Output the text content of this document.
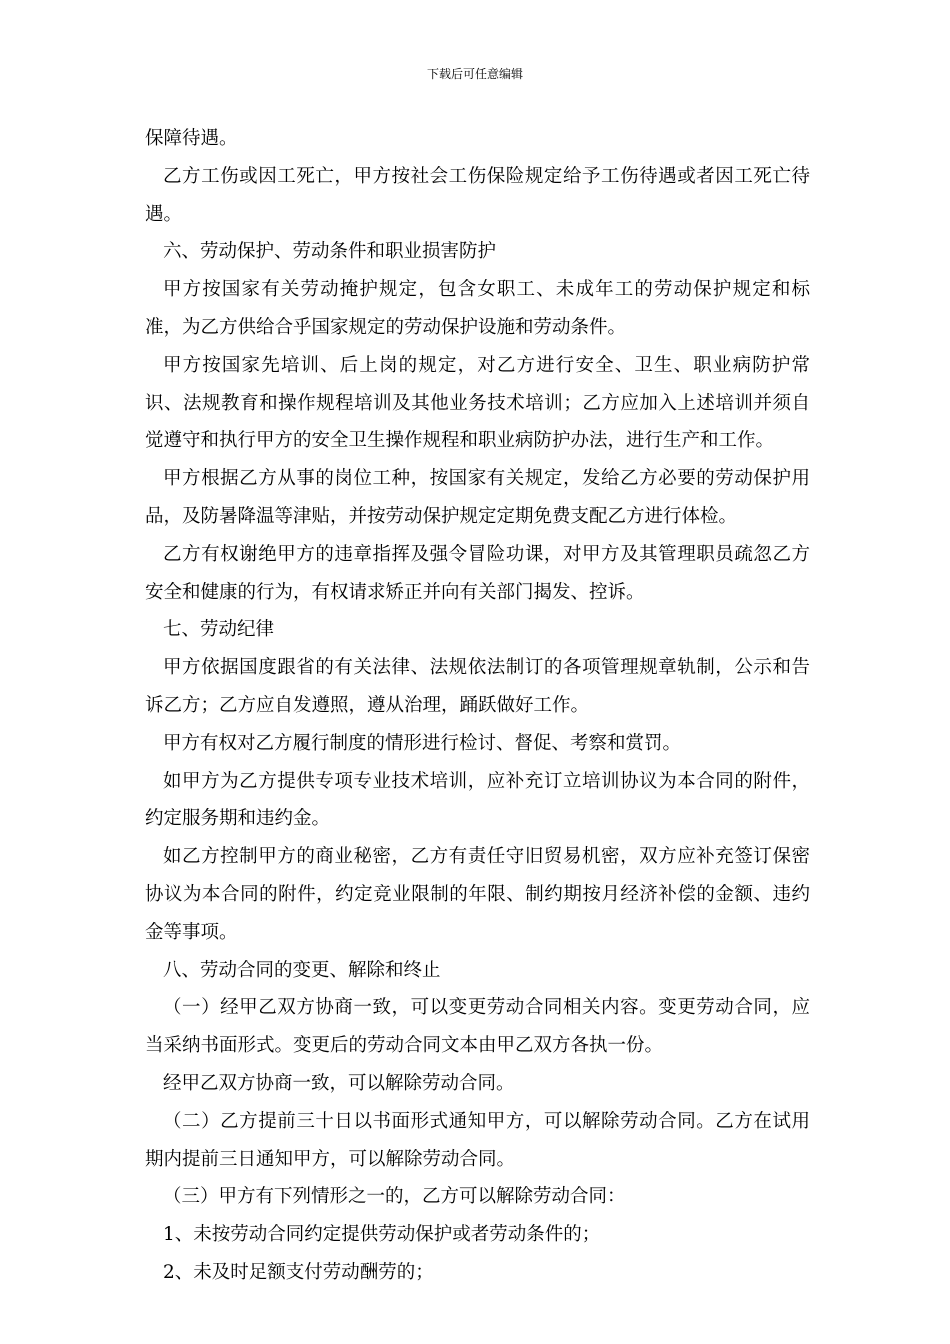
下载后可任意编辑

保障待遇。

乙方工伤或因工死亡，甲方按社会工伤保险规定给予工伤待遇或者因工死亡待遇。

六、劳动保护、劳动条件和职业损害防护

甲方按国家有关劳动掩护规定，包含女职工、未成年工的劳动保护规定和标准，为乙方供给合乎国家规定的劳动保护设施和劳动条件。

甲方按国家先培训、后上岗的规定，对乙方进行安全、卫生、职业病防护常识、法规教育和操作规程培训及其他业务技术培训；乙方应加入上述培训并须自觉遵守和执行甲方的安全卫生操作规程和职业病防护办法，进行生产和工作。

甲方根据乙方从事的岗位工种，按国家有关规定，发给乙方必要的劳动保护用品，及防暑降温等津贴，并按劳动保护规定定期免费支配乙方进行体检。

乙方有权谢绝甲方的违章指挥及强令冒险功课，对甲方及其管理职员疏忽乙方安全和健康的行为，有权请求矫正并向有关部门揭发、控诉。

七、劳动纪律

甲方依据国度跟省的有关法律、法规依法制订的各项管理规章轨制，公示和告诉乙方；乙方应自发遵照，遵从治理，踊跃做好工作。

甲方有权对乙方履行制度的情形进行检讨、督促、考察和赏罚。

如甲方为乙方提供专项专业技术培训，应补充订立培训协议为本合同的附件，约定服务期和违约金。

如乙方控制甲方的商业秘密，乙方有责任守旧贸易机密，双方应补充签订保密协议为本合同的附件，约定竞业限制的年限、制约期按月经济补偿的金额、违约金等事项。

八、劳动合同的变更、解除和终止

（一）经甲乙双方协商一致，可以变更劳动合同相关内容。变更劳动合同，应当采纳书面形式。变更后的劳动合同文本由甲乙双方各执一份。

经甲乙双方协商一致，可以解除劳动合同。

（二）乙方提前三十日以书面形式通知甲方，可以解除劳动合同。乙方在试用期内提前三日通知甲方，可以解除劳动合同。

（三）甲方有下列情形之一的，乙方可以解除劳动合同：

1、未按劳动合同约定提供劳动保护或者劳动条件的；

2、未及时足额支付劳动酬劳的；
